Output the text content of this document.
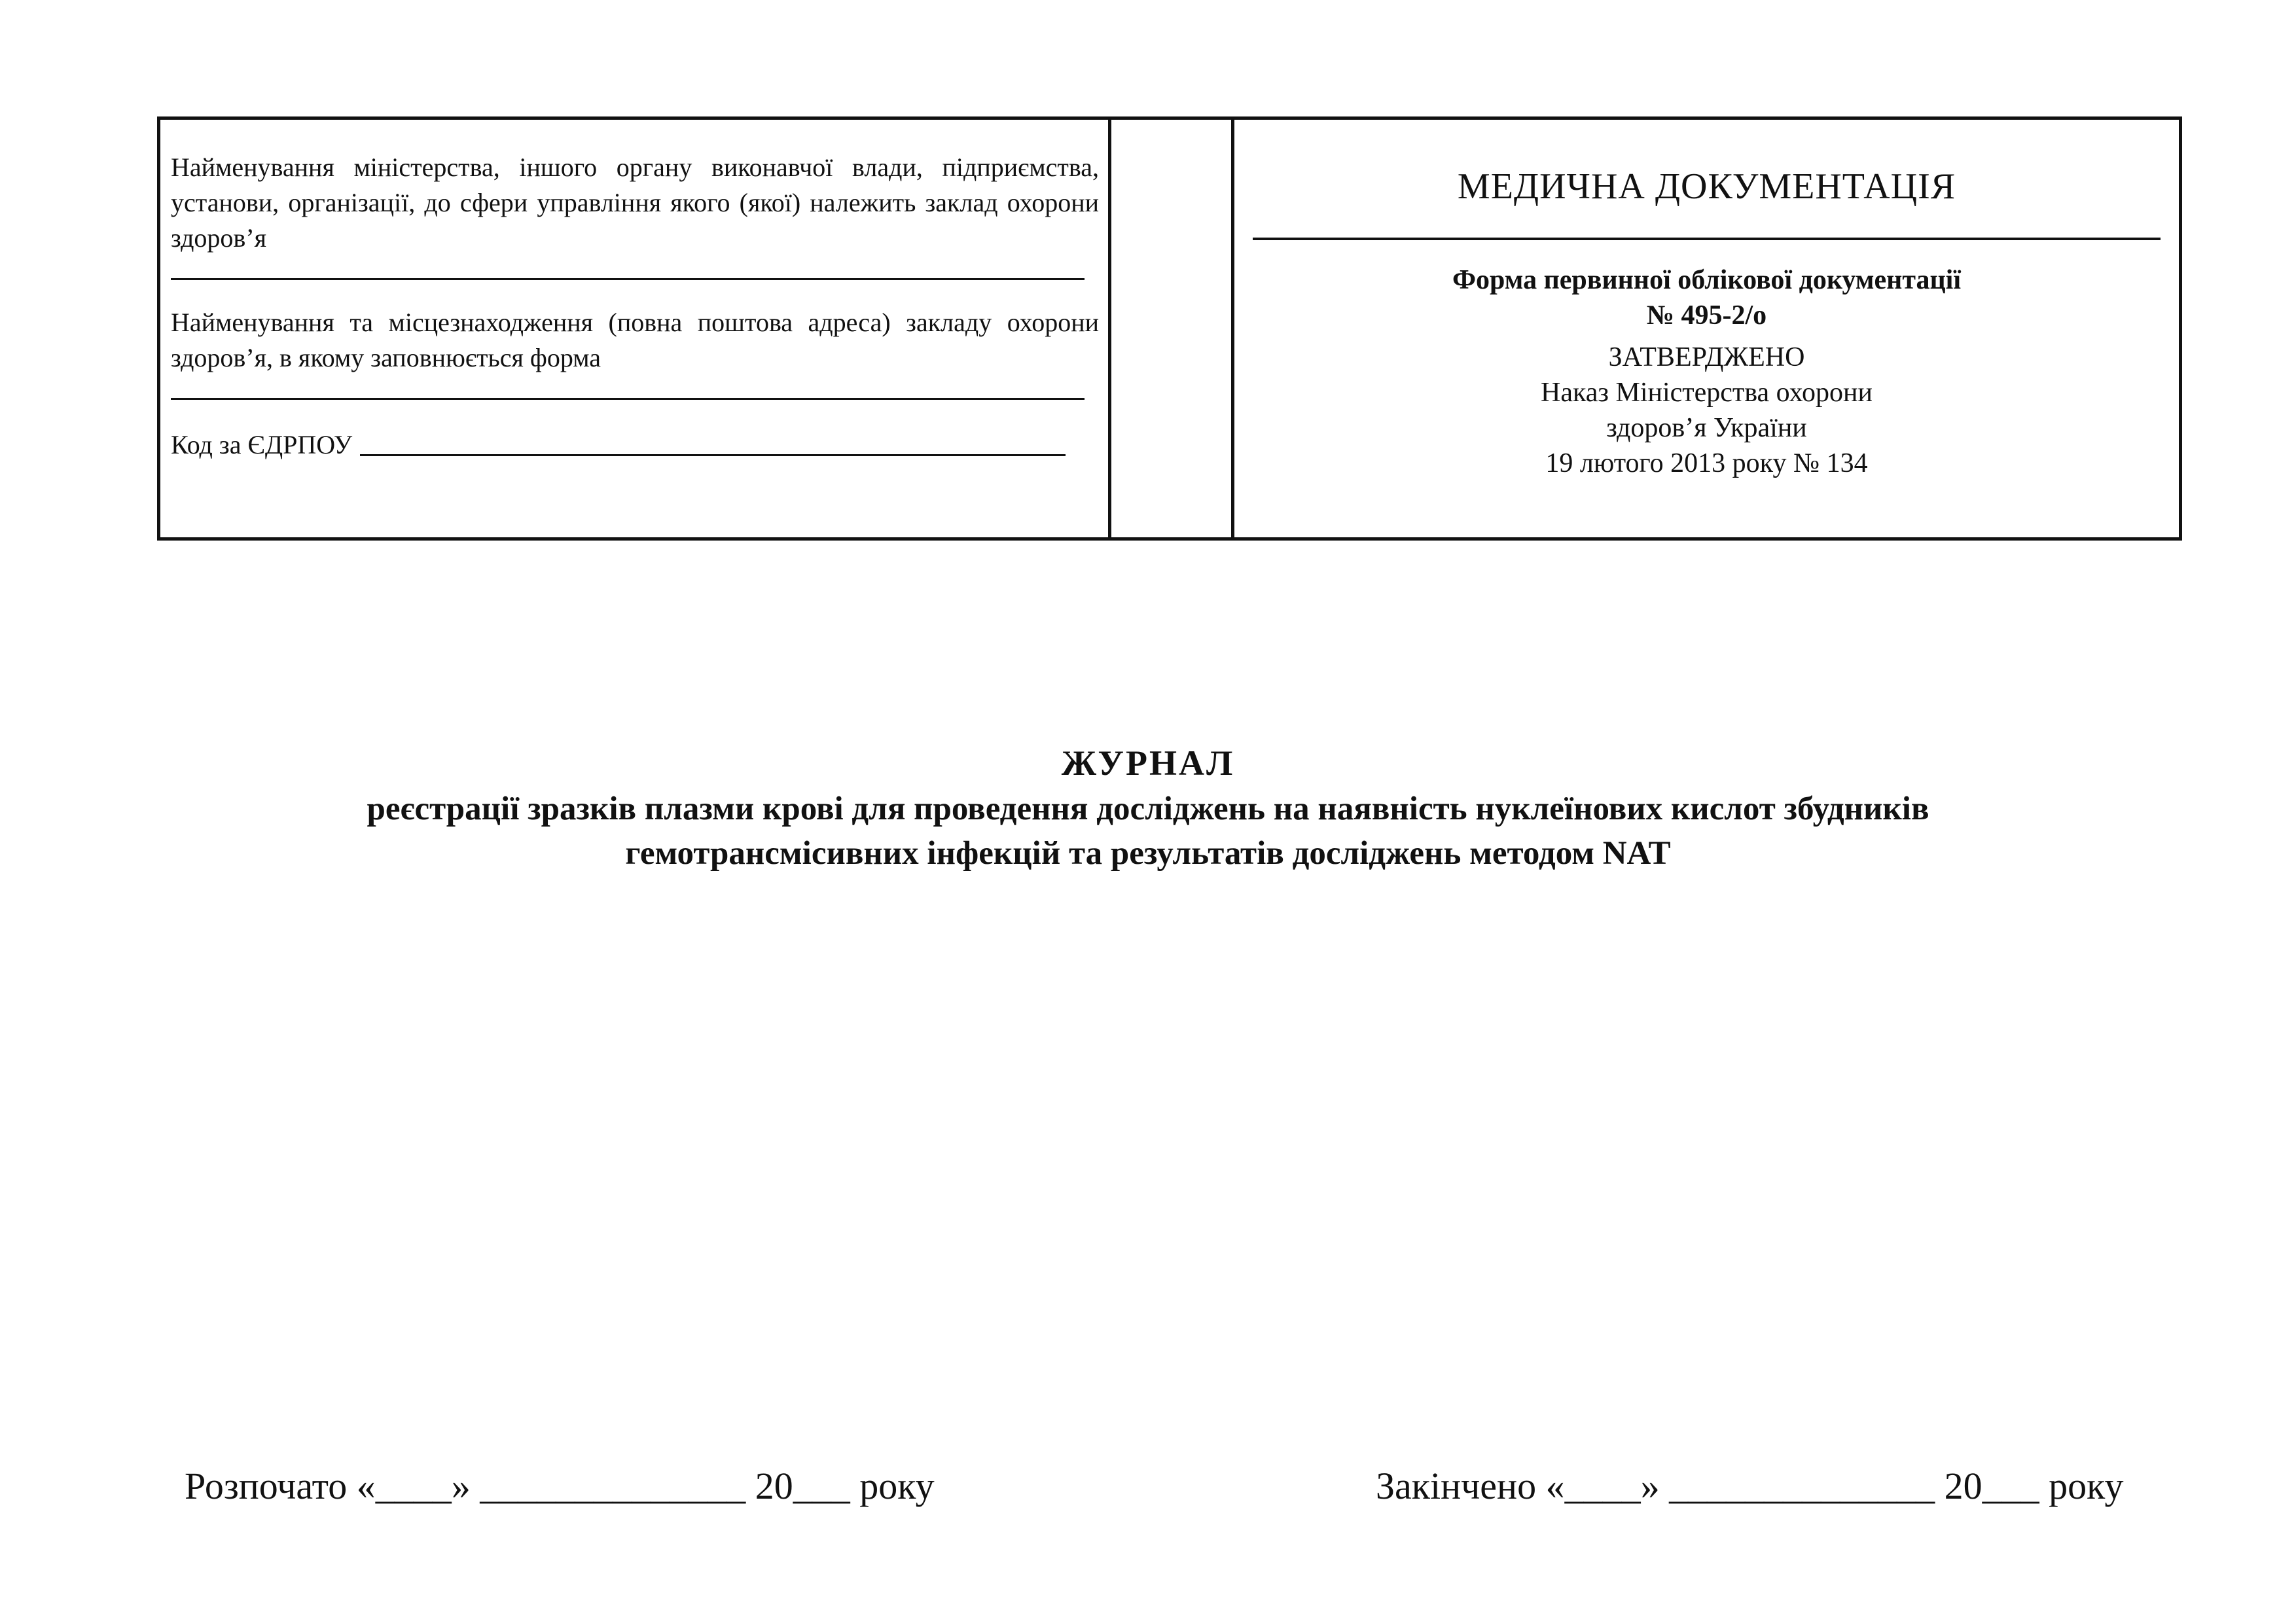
Найменування міністерства, іншого органу виконавчої влади, підприємства, установи, організації, до сфери управління якого (якої) належить заклад охорони здоров’я
Найменування та місцезнаходження (повна поштова адреса) закладу охорони здоров’я, в якому заповнюється форма
Код за ЄДРПОУ
МЕДИЧНА ДОКУМЕНТАЦІЯ
Форма первинної облікової документації
№ 495-2/о
ЗАТВЕРДЖЕНО
Наказ Міністерства охорони
здоров’я України
19 лютого 2013 року № 134
ЖУРНАЛ
реєстрації зразків плазми крові для проведення досліджень на наявність нуклеїнових кислот збудників
гемотрансмісивних інфекцій та результатів досліджень методом NAT
Розпочато «____» ______________ 20___ року	Закінчено «____» ______________ 20___ року
